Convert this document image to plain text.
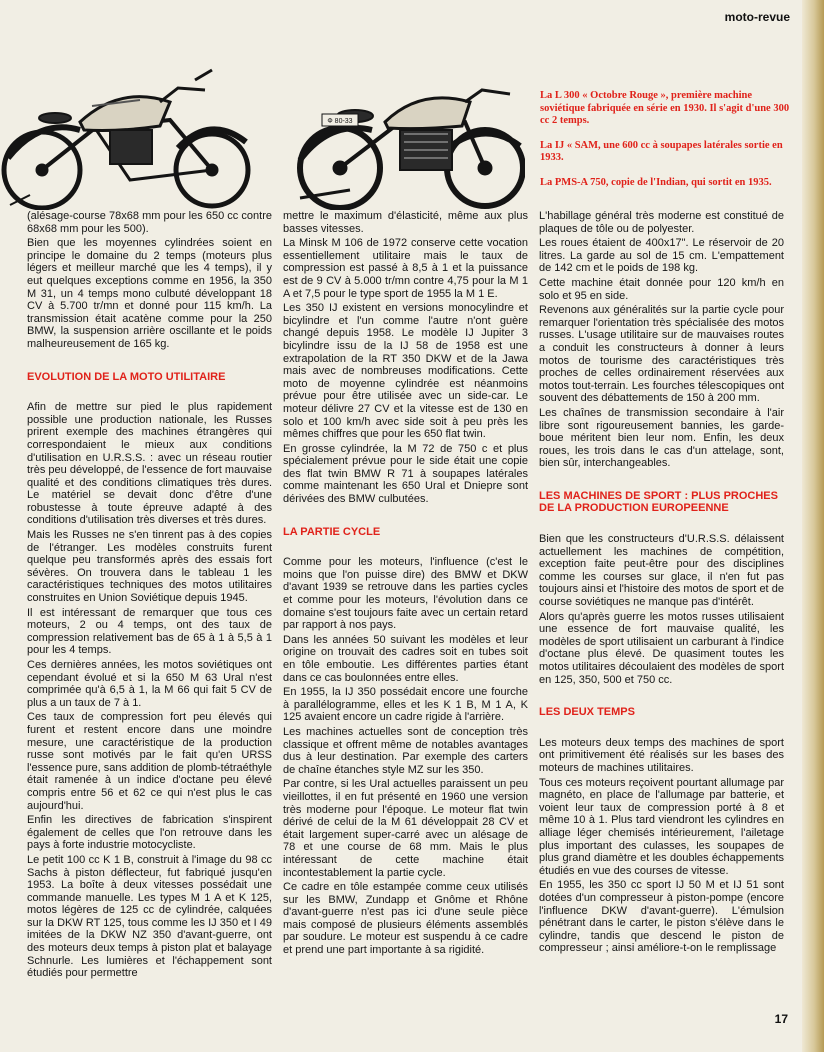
moto-revue
Ф 80-33

La L 300 « Octobre Rouge », première machine soviétique fabriquée en série en 1930. Il s'agit d'une 300 cc 2 temps.

La IJ « SAM, une 600 cc à soupapes latérales sortie en 1933.

La PMS-A 750, copie de l'Indian, qui sortit en 1935.

(alésage-course 78x68 mm pour les 650 cc contre 68x68 mm pour les 500).

Bien que les moyennes cylindrées soient en principe le domaine du 2 temps (moteurs plus légers et meilleur marché que les 4 temps), il y eut quelques exceptions comme en 1956, la 350 M 31, un 4 temps mono culbuté développant 18 CV à 5.700 tr/mn et donné pour 115 km/h. La transmission était acatène comme pour la 250 BMW, la suspension arrière oscillante et le poids malheureusement de 165 kg.

EVOLUTION DE LA MOTO UTILITAIRE

Afin de mettre sur pied le plus rapidement possible une production nationale, les Russes prirent exemple des machines étrangères qui correspondaient le mieux aux conditions d'utilisation en U.R.S.S. : avec un réseau routier très peu développé, de l'essence de fort mauvaise qualité et des conditions climatiques très dures. Le matériel se devait donc d'être d'une robustesse à toute épreuve adapté à des conditions d'utilisation très diverses et très dures.

Mais les Russes ne s'en tinrent pas à des copies de l'étranger. Les modèles construits furent quelque peu transformés après des essais fort sévères. On trouvera dans le tableau 1 les caractéristiques techniques des motos utilitaires construites en Union Soviétique depuis 1945.

Il est intéressant de remarquer que tous ces moteurs, 2 ou 4 temps, ont des taux de compression relativement bas de 65 à 1 à 5,5 à 1 pour les 4 temps.

Ces dernières années, les motos soviétiques ont cependant évolué et si la 650 M 63 Ural n'est comprimée qu'à 6,5 à 1, la M 66 qui fait 5 CV de plus a un taux de 7 à 1.

Ces taux de compression fort peu élevés qui furent et restent encore dans une moindre mesure, une caractéristique de la production russe sont motivés par le fait qu'en URSS l'essence pure, sans addition de plomb-tétraéthyle était ramenée à un indice d'octane peu élevé compris entre 56 et 62 ce qui n'est plus le cas aujourd'hui.

Enfin les directives de fabrication s'inspirent également de celles que l'on retrouve dans les pays à forte industrie motocycliste.

Le petit 100 cc K 1 B, construit à l'image du 98 cc Sachs à piston déflecteur, fut fabriqué jusqu'en 1953. La boîte à deux vitesses possédait une commande manuelle. Les types M 1 A et K 125, motos légères de 125 cc de cylindrée, calquées sur la DKW RT 125, tous comme les IJ 350 et I 49 imitées de la DKW NZ 350 d'avant-guerre, ont des moteurs deux temps à piston plat et balayage Schnurle. Les lumières et l'échappement sont étudiés pour permettre

mettre le maximum d'élasticité, même aux plus basses vitesses.

La Minsk M 106 de 1972 conserve cette vocation essentiellement utilitaire mais le taux de compression est passé à 8,5 à 1 et la puissance est de 9 CV à 5.000 tr/mn contre 4,75 pour la M 1 A et 7,5 pour le type sport de 1955 la M 1 E.

Les 350 IJ existent en versions monocylindre et bicylindre et l'un comme l'autre n'ont guère changé depuis 1958. Le modèle IJ Jupiter 3 bicylindre issu de la IJ 58 de 1958 est une extrapolation de la RT 350 DKW et de la Jawa mais avec de nombreuses modifications. Cette moto de moyenne cylindrée est néanmoins prévue pour être utilisée avec un side-car. Le moteur délivre 27 CV et la vitesse est de 130 en solo et 100 km/h avec side soit à peu près les mêmes chiffres que pour les 650 flat twin.

En grosse cylindrée, la M 72 de 750 c et plus spécialement prévue pour le side était une copie des flat twin BMW R 71 à soupapes latérales comme maintenant les 650 Ural et Dniepre sont dérivées des BMW culbutées.

LA PARTIE CYCLE

Comme pour les moteurs, l'influence (c'est le moins que l'on puisse dire) des BMW et DKW d'avant 1939 se retrouve dans les parties cycles et comme pour les moteurs, l'évolution dans ce domaine s'est toujours faite avec un certain retard par rapport à nos pays.

Dans les années 50 suivant les modèles et leur origine on trouvait des cadres soit en tubes soit en tôle emboutie. Les différentes parties étant dans ce cas boulonnées entre elles.

En 1955, la IJ 350 possédait encore une fourche à parallélogramme, elles et les K 1 B, M 1 A, K 125 avaient encore un cadre rigide à l'arrière.

Les machines actuelles sont de conception très classique et offrent même de notables avantages dus à leur destination. Par exemple des carters de chaîne étanches style MZ sur les 350.

Par contre, si les Ural actuelles paraissent un peu vieillottes, il en fut présenté en 1960 une version très moderne pour l'époque. Le moteur flat twin dérivé de celui de la M 61 développait 28 CV et était largement super-carré avec un alésage de 78 et une course de 68 mm. Mais le plus intéressant de cette machine était incontestablement la partie cycle.

Ce cadre en tôle estampée comme ceux utilisés sur les BMW, Zundapp et Gnôme et Rhône d'avant-guerre n'est pas ici d'une seule pièce mais composé de plusieurs éléments assemblés par soudure. Le moteur est suspendu à ce cadre et prend une part importante à sa rigidité.

L'habillage général très moderne est constitué de plaques de tôle ou de polyester.

Les roues étaient de 400x17". Le réservoir de 20 litres. La garde au sol de 15 cm. L'empattement de 142 cm et le poids de 198 kg.

Cette machine était donnée pour 120 km/h en solo et 95 en side.

Revenons aux généralités sur la partie cycle pour remarquer l'orientation très spécialisée des motos russes. L'usage utilitaire sur de mauvaises routes a conduit les constructeurs à donner à leurs motos de tourisme des caractéristiques très proches de celles ordinairement réservées aux motos tout-terrain. Les fourches télescopiques ont souvent des débattements de 150 à 200 mm.

Les chaînes de transmission secondaire à l'air libre sont rigoureusement bannies, les garde-boue méritent bien leur nom. Enfin, les deux roues, les trois dans le cas d'un attelage, sont, bien sûr, interchangeables.

LES MACHINES DE SPORT : PLUS PROCHES DE LA PRODUCTION EUROPEENNE

Bien que les constructeurs d'U.R.S.S. délaissent actuellement les machines de compétition, exception faite peut-être pour des disciplines comme les courses sur glace, il n'en fut pas toujours ainsi et l'histoire des motos de sport et de course soviétiques ne manque pas d'intérêt.

Alors qu'après guerre les motos russes utilisaient une essence de fort mauvaise qualité, les modèles de sport utilisaient un carburant à l'indice d'octane plus élevé. De quasiment toutes les motos utilitaires découlaient des modèles de sport en 125, 350, 500 et 750 cc.

LES DEUX TEMPS

Les moteurs deux temps des machines de sport ont primitivement été réalisés sur les bases des moteurs de machines utilitaires.

Tous ces moteurs reçoivent pourtant allumage par magnéto, en place de l'allumage par batterie, et voient leur taux de compression porté à 8 et même 10 à 1. Plus tard viendront les cylindres en alliage léger chemisés intérieurement, l'ailetage plus important des culasses, les soupapes de plus grand diamètre et les doubles échappements étudiés en vue des courses de vitesse.

En 1955, les 350 cc sport IJ 50 M et IJ 51 sont dotées d'un compresseur à piston-pompe (encore l'influence DKW d'avant-guerre). L'émulsion pénétrant dans le carter, le piston s'élève dans le cylindre, tandis que descend le piston de compresseur ; ainsi améliore-t-on le remplissage

17
